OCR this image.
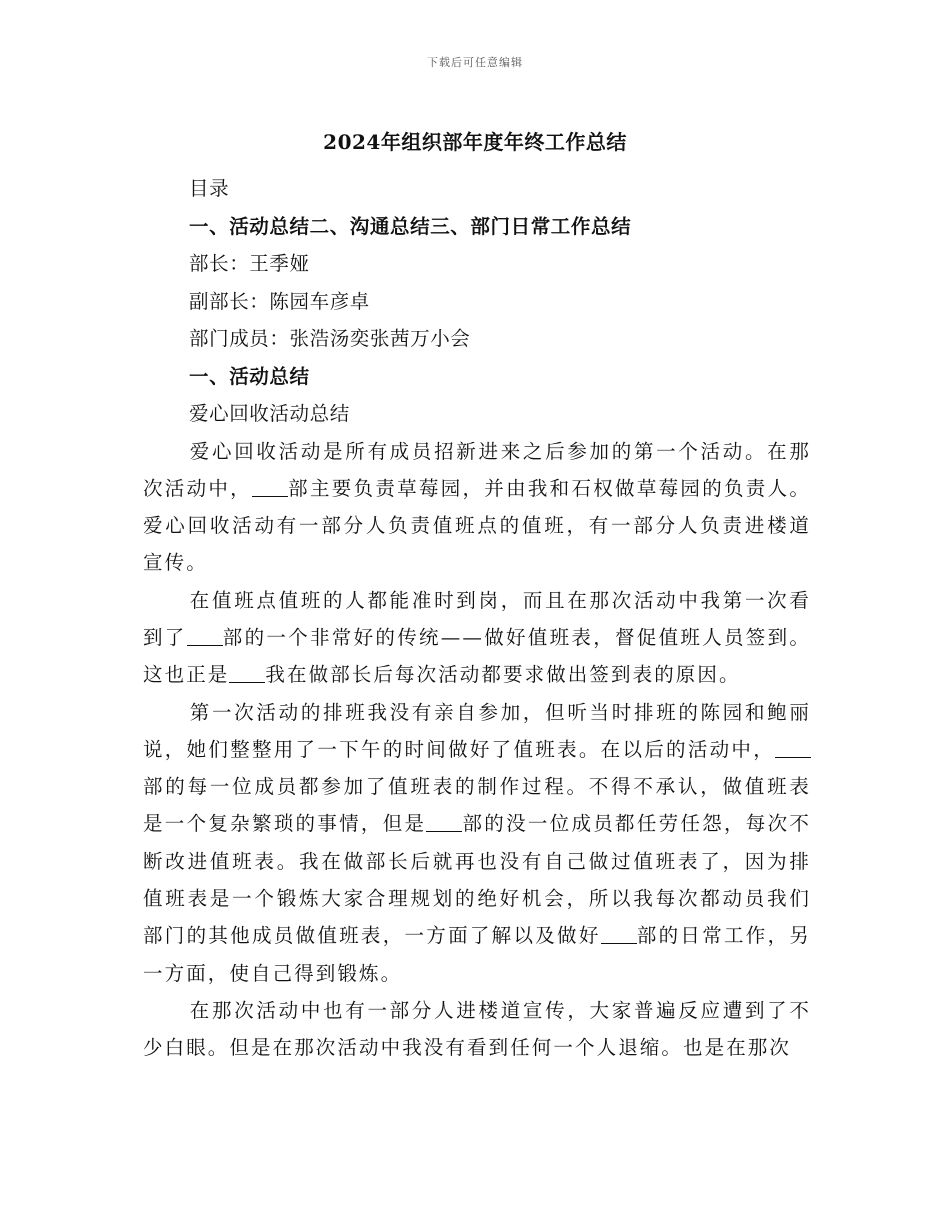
下载后可任意编辑
2024年组织部年度年终工作总结
目录
一、活动总结二、沟通总结三、部门日常工作总结
部长：王季娅
副部长：陈园车彦卓
部门成员：张浩汤奕张茜万小会
一、活动总结
爱心回收活动总结

爱心回收活动是所有成员招新进来之后参加的第一个活动。在那次活动中， 部主要负责草莓园，并由我和石权做草莓园的负责人。爱心回收活动有一部分人负责值班点的值班，有一部分人负责进楼道宣传。

在值班点值班的人都能准时到岗，而且在那次活动中我第一次看到了 部的一个非常好的传统——做好值班表，督促值班人员签到。这也正是 我在做部长后每次活动都要求做出签到表的原因。

第一次活动的排班我没有亲自参加，但听当时排班的陈园和鲍丽说，她们整整用了一下午的时间做好了值班表。在以后的活动中，部的每一位成员都参加了值班表的制作过程。不得不承认，做值班表是一个复杂繁琐的事情，但是 部的没一位成员都任劳任怨，每次不断改进值班表。我在做部长后就再也没有自己做过值班表了，因为排值班表是一个锻炼大家合理规划的绝好机会，所以我每次都动员我们部门的其他成员做值班表，一方面了解以及做好 部的日常工作，另一方面，使自己得到锻炼。

在那次活动中也有一部分人进楼道宣传，大家普遍反应遭到了不少白眼。但是在那次活动中我没有看到任何一个人退缩。也是在那次
